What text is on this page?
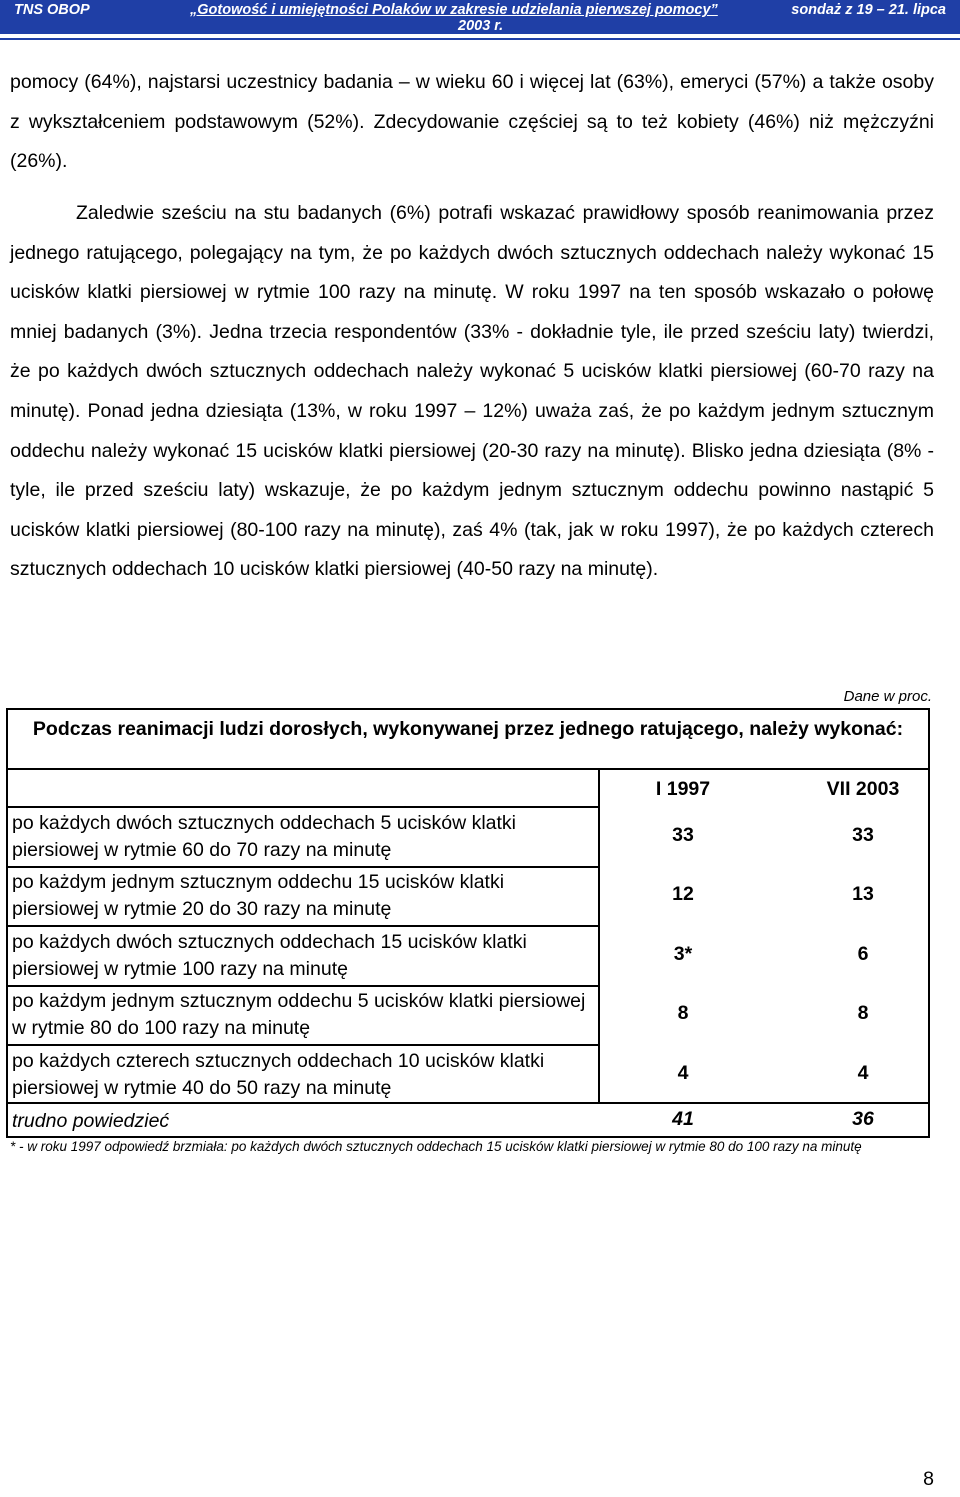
TNS OBOP	„Gotowość i umiejętności Polaków w zakresie udzielania pierwszej pomocy”	sondaż z 19 – 21. lipca
2003 r.

pomocy (64%), najstarsi uczestnicy badania – w wieku 60 i więcej lat (63%), emeryci (57%) a także osoby z wykształceniem podstawowym (52%). Zdecydowanie częściej są to też kobiety (46%) niż mężczyźni (26%).

Zaledwie sześciu na stu badanych (6%) potrafi wskazać prawidłowy sposób reanimowania przez jednego ratującego, polegający na tym, że po każdych dwóch sztucznych oddechach należy wykonać 15 ucisków klatki piersiowej w rytmie 100 razy na minutę. W roku 1997 na ten sposób wskazało o połowę mniej badanych (3%). Jedna trzecia respondentów (33% - dokładnie tyle, ile przed sześciu laty) twierdzi, że po każdych dwóch sztucznych oddechach należy wykonać 5 ucisków klatki piersiowej (60-70 razy na minutę). Ponad jedna dziesiąta (13%, w roku 1997 – 12%) uważa zaś, że po każdym jednym sztucznym oddechu należy wykonać 15 ucisków klatki piersiowej (20-30 razy na minutę). Blisko jedna dziesiąta (8% - tyle, ile przed sześciu laty) wskazuje, że po każdym jednym sztucznym oddechu powinno nastąpić 5 ucisków klatki piersiowej (80-100 razy na minutę), zaś 4% (tak, jak w roku 1997), że po każdych czterech sztucznych oddechach 10 ucisków klatki piersiowej (40-50 razy na minutę).

Dane w proc.
Podczas reanimacji ludzi dorosłych, wykonywanej przez jednego ratującego, należy wykonać:
I 1997	VII 2003
po każdych dwóch sztucznych oddechach 5 ucisków klatki piersiowej w rytmie 60 do 70 razy na minutę
33	33
po każdym jednym sztucznym oddechu 15 ucisków klatki piersiowej w rytmie 20 do 30 razy na minutę
12	13
po każdych dwóch sztucznych oddechach 15 ucisków klatki piersiowej w rytmie 100 razy na minutę
3*	6
po każdym jednym sztucznym oddechu 5 ucisków klatki piersiowej w rytmie 80 do 100 razy na minutę
8	8
po każdych czterech sztucznych oddechach 10 ucisków klatki piersiowej w rytmie 40 do 50 razy na minutę
4	4
trudno powiedzieć	41	36
* - w roku 1997 odpowiedź brzmiała: po każdych dwóch sztucznych oddechach 15 ucisków klatki piersiowej w rytmie 80 do 100 razy na minutę
8
